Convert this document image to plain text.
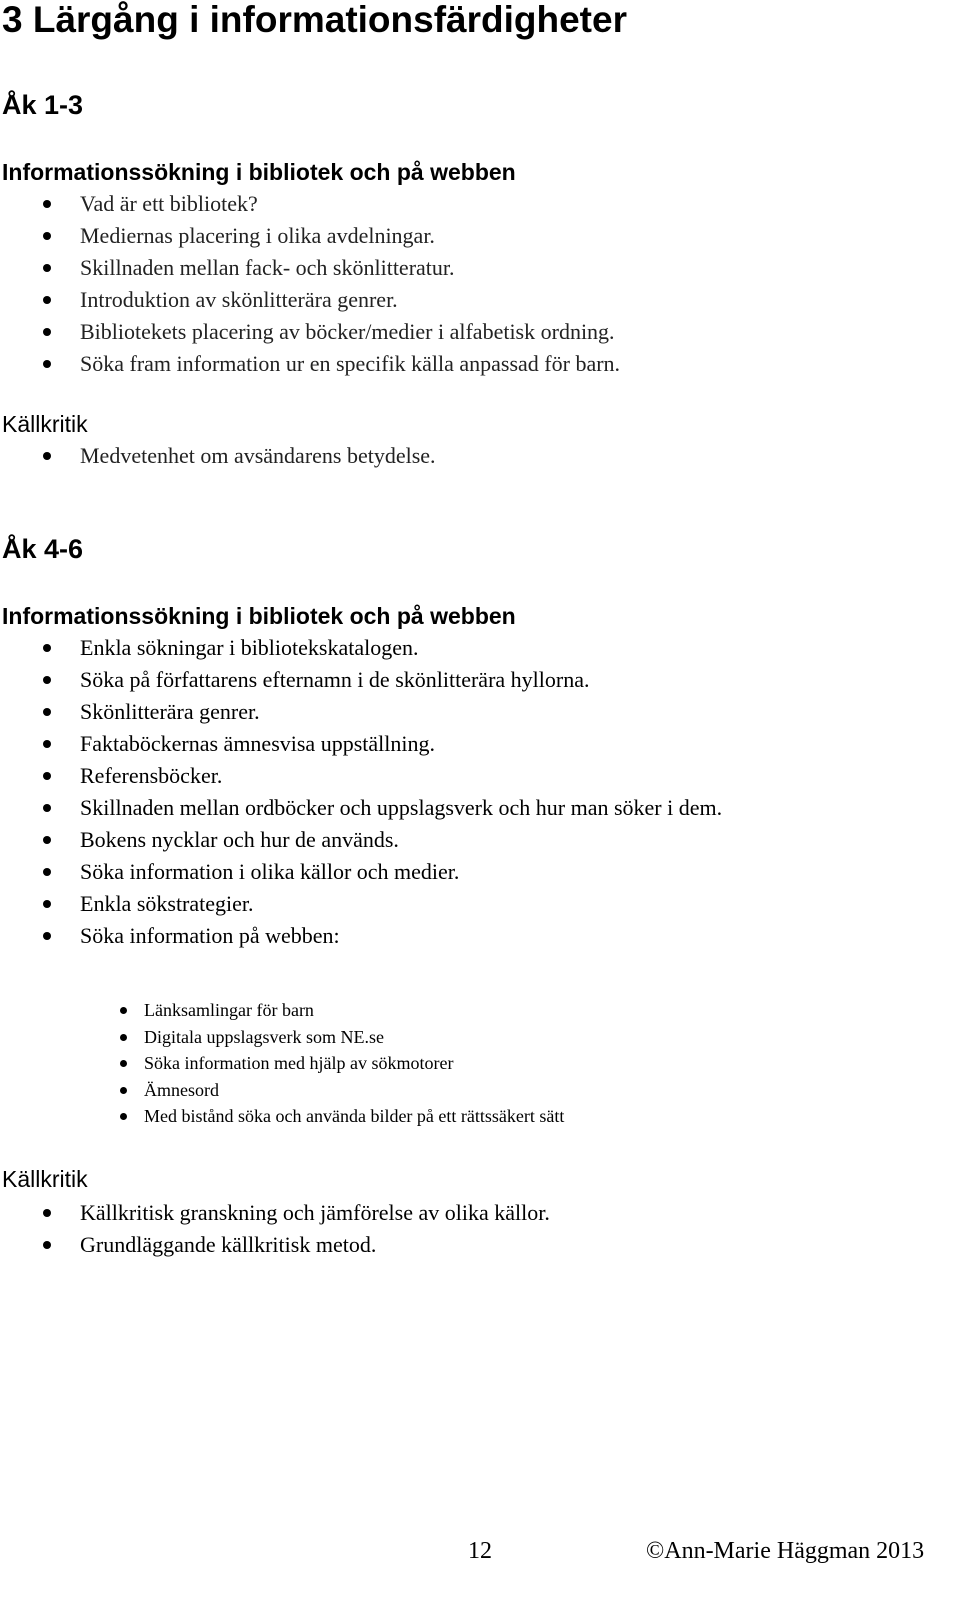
3 Lärgång i informationsfärdigheter
Åk 1-3
Informationssökning i bibliotek och på webben
Vad är ett bibliotek?
Mediernas placering i olika avdelningar.
Skillnaden mellan fack- och skönlitteratur.
Introduktion av skönlitterära genrer.
Bibliotekets placering av böcker/medier i alfabetisk ordning.
Söka fram information ur en specifik källa anpassad för barn.
Källkritik
Medvetenhet om avsändarens betydelse.
Åk 4-6
Informationssökning i bibliotek och på webben
Enkla sökningar i bibliotekskatalogen.
Söka på författarens efternamn i de skönlitterära hyllorna.
Skönlitterära genrer.
Faktaböckernas ämnesvisa uppställning.
Referensböcker.
Skillnaden mellan ordböcker och uppslagsverk och hur man söker i dem.
Bokens nycklar och hur de används.
Söka information i olika källor och medier.
Enkla sökstrategier.
Söka information på webben:
Länksamlingar för barn
Digitala uppslagsverk som NE.se
Söka information med hjälp av sökmotorer
Ämnesord
Med bistånd söka och använda bilder på ett rättssäkert sätt
Källkritik
Källkritisk granskning och jämförelse av olika källor.
Grundläggande källkritisk metod.
12	©Ann-Marie Häggman 2013
